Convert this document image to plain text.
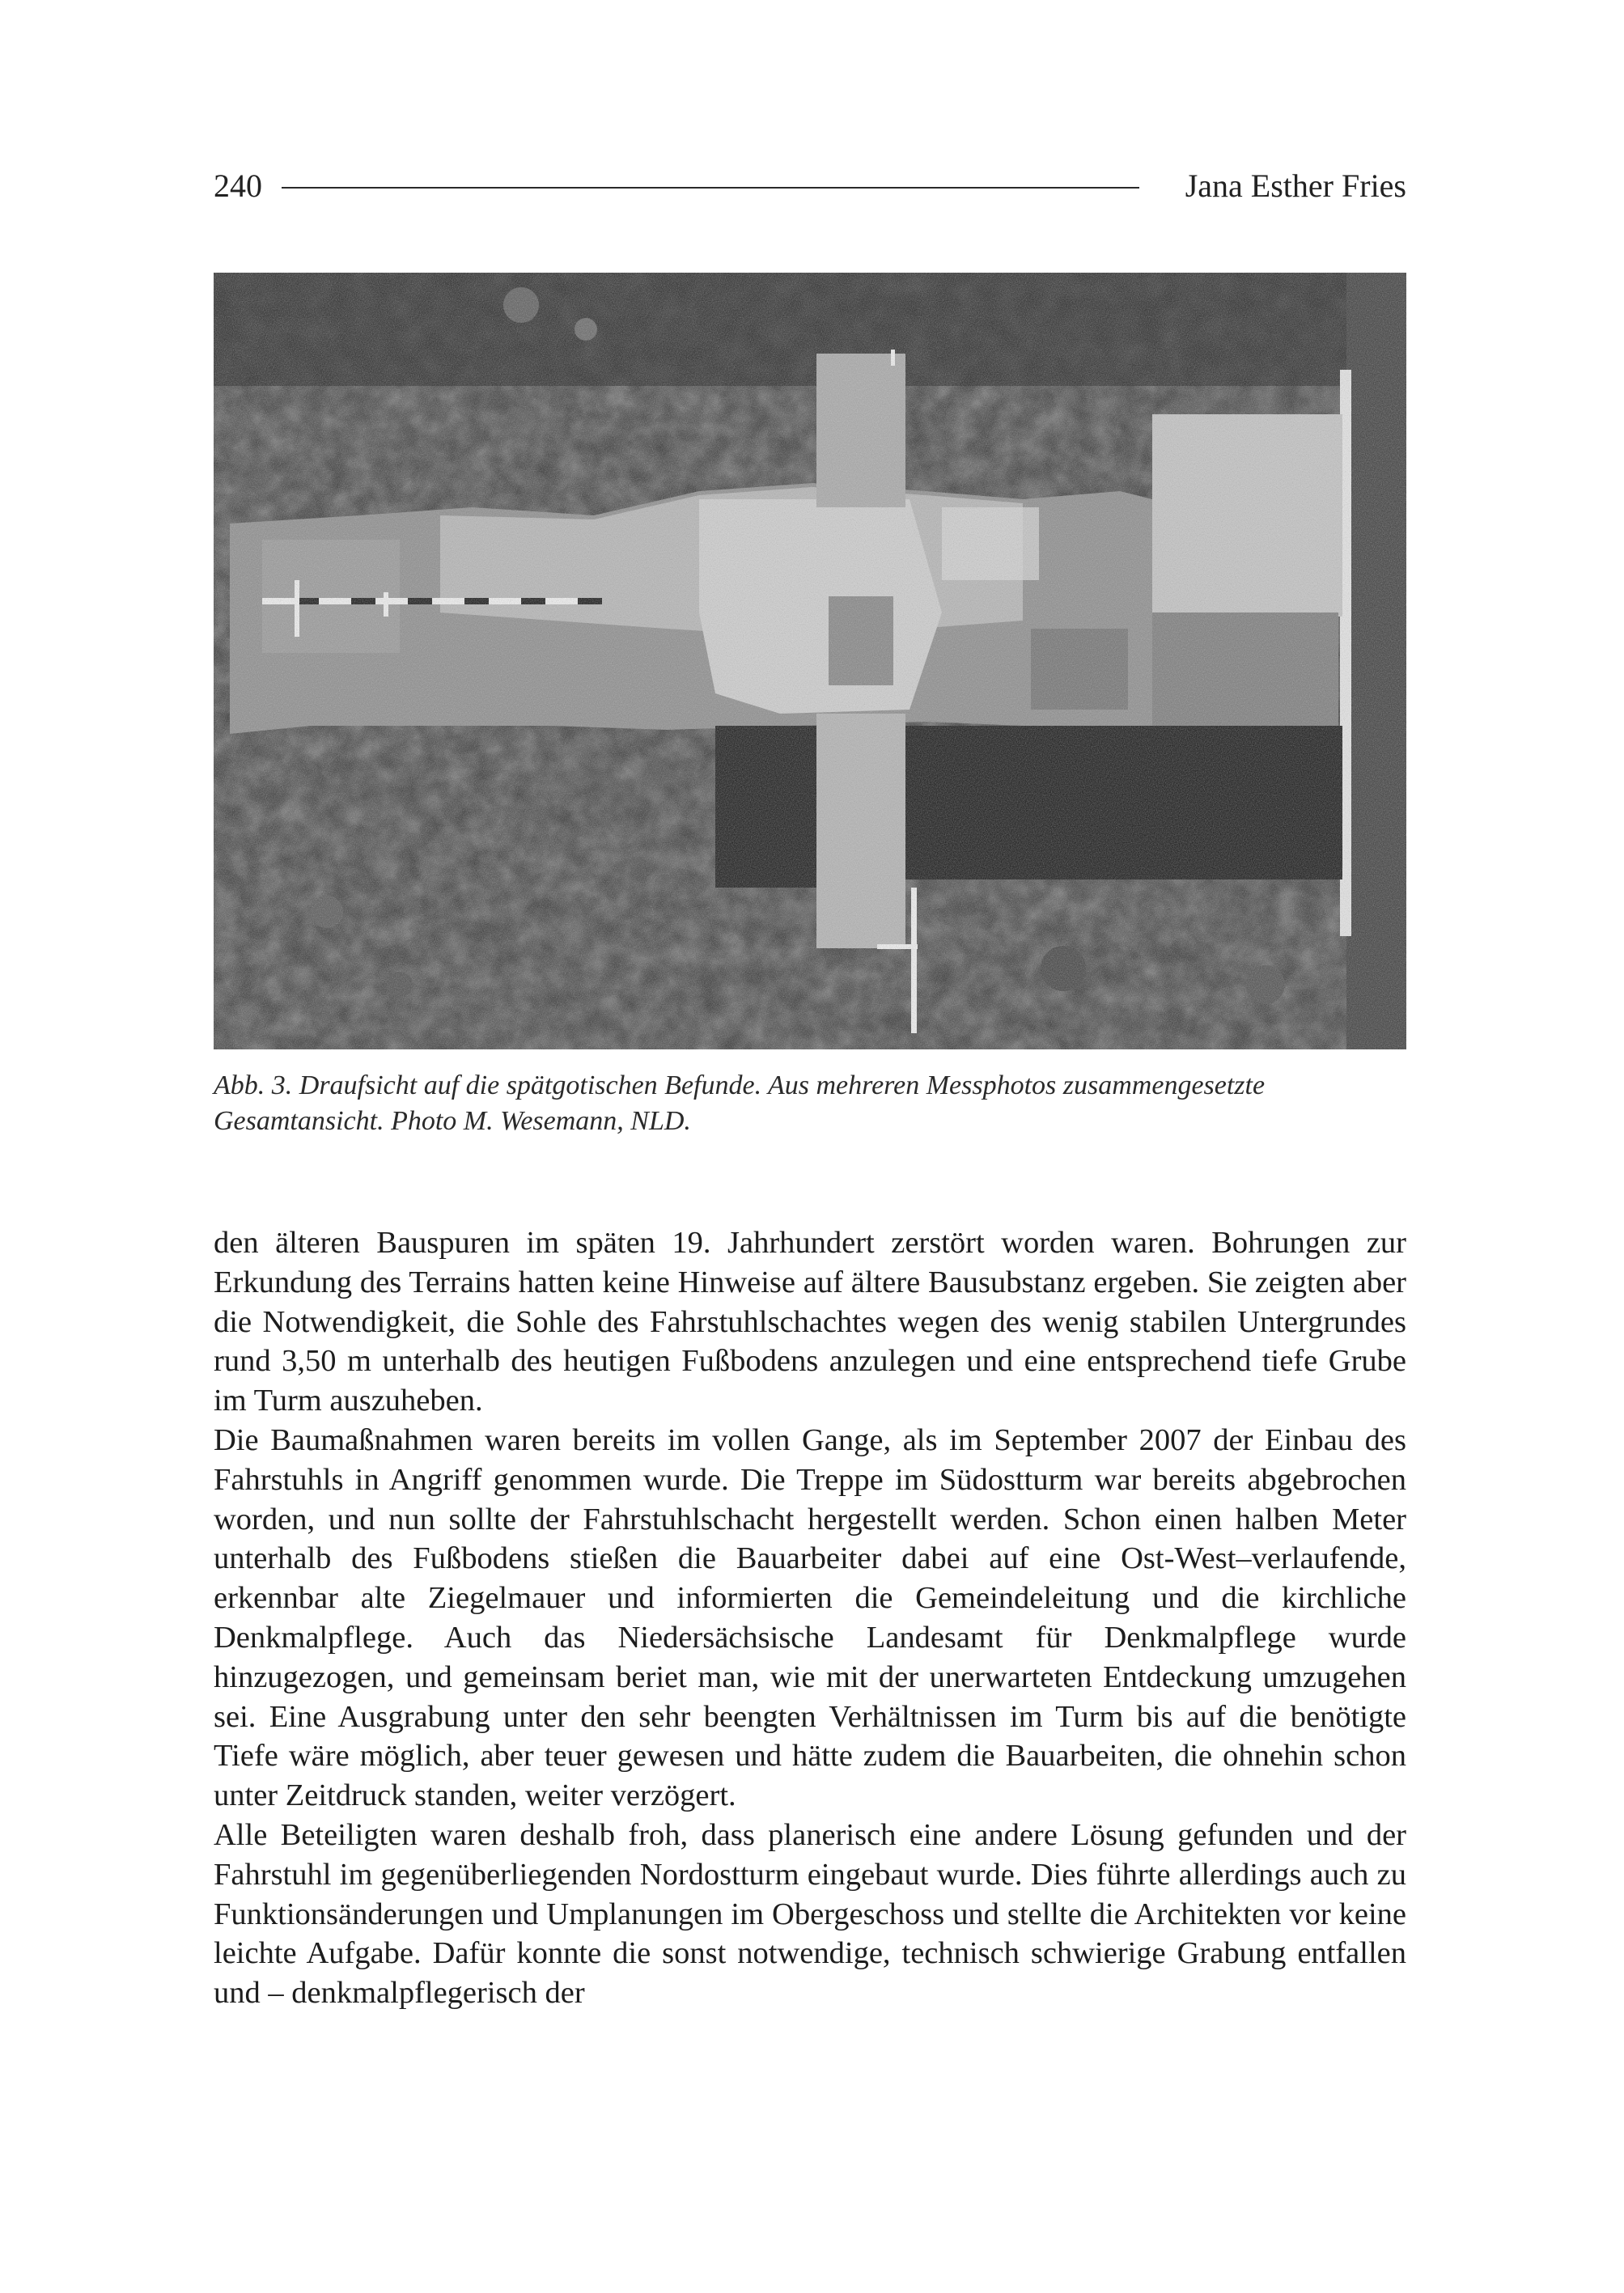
240	Jana Esther Fries

Abb. 3. Draufsicht auf die spätgotischen Befunde. Aus mehreren Messphotos zusammengesetzte

Gesamtansicht. Photo M. Wesemann, NLD.

den älteren Bauspuren im späten 19. Jahrhundert zerstört worden waren. Bohrungen zur Erkundung des Terrains hatten keine Hinweise auf ältere Bausubstanz ergeben. Sie zeigten aber die Notwendigkeit, die Sohle des Fahrstuhlschachtes wegen des wenig stabilen Untergrundes rund 3,50 m unterhalb des heutigen Fußbodens anzulegen und eine entsprechend tiefe Grube im Turm auszuheben.

Die Baumaßnahmen waren bereits im vollen Gange, als im September 2007 der Einbau des Fahrstuhls in Angriff genommen wurde. Die Treppe im Südostturm war bereits abgebrochen worden, und nun sollte der Fahrstuhlschacht hergestellt werden. Schon einen halben Meter unterhalb des Fußbodens stießen die Bauarbeiter dabei auf eine Ost-West–verlaufende, erkennbar alte Ziegelmauer und informierten die Gemeindeleitung und die kirchliche Denkmalpflege. Auch das Niedersächsische Landesamt für Denkmalpflege wurde hinzugezogen, und gemeinsam beriet man, wie mit der unerwarteten Entdeckung umzugehen sei. Eine Ausgrabung unter den sehr beengten Verhältnissen im Turm bis auf die benötigte Tiefe wäre möglich, aber teuer gewesen und hätte zudem die Bauarbeiten, die ohnehin schon unter Zeitdruck standen, weiter verzögert.

Alle Beteiligten waren deshalb froh, dass planerisch eine andere Lösung gefunden und der Fahrstuhl im gegenüberliegenden Nordostturm eingebaut wurde. Dies führte allerdings auch zu Funktionsänderungen und Umplanungen im Obergeschoss und stellte die Architekten vor keine leichte Aufgabe. Dafür konnte die sonst notwendige, technisch schwierige Grabung entfallen und – denkmalpflegerisch der
